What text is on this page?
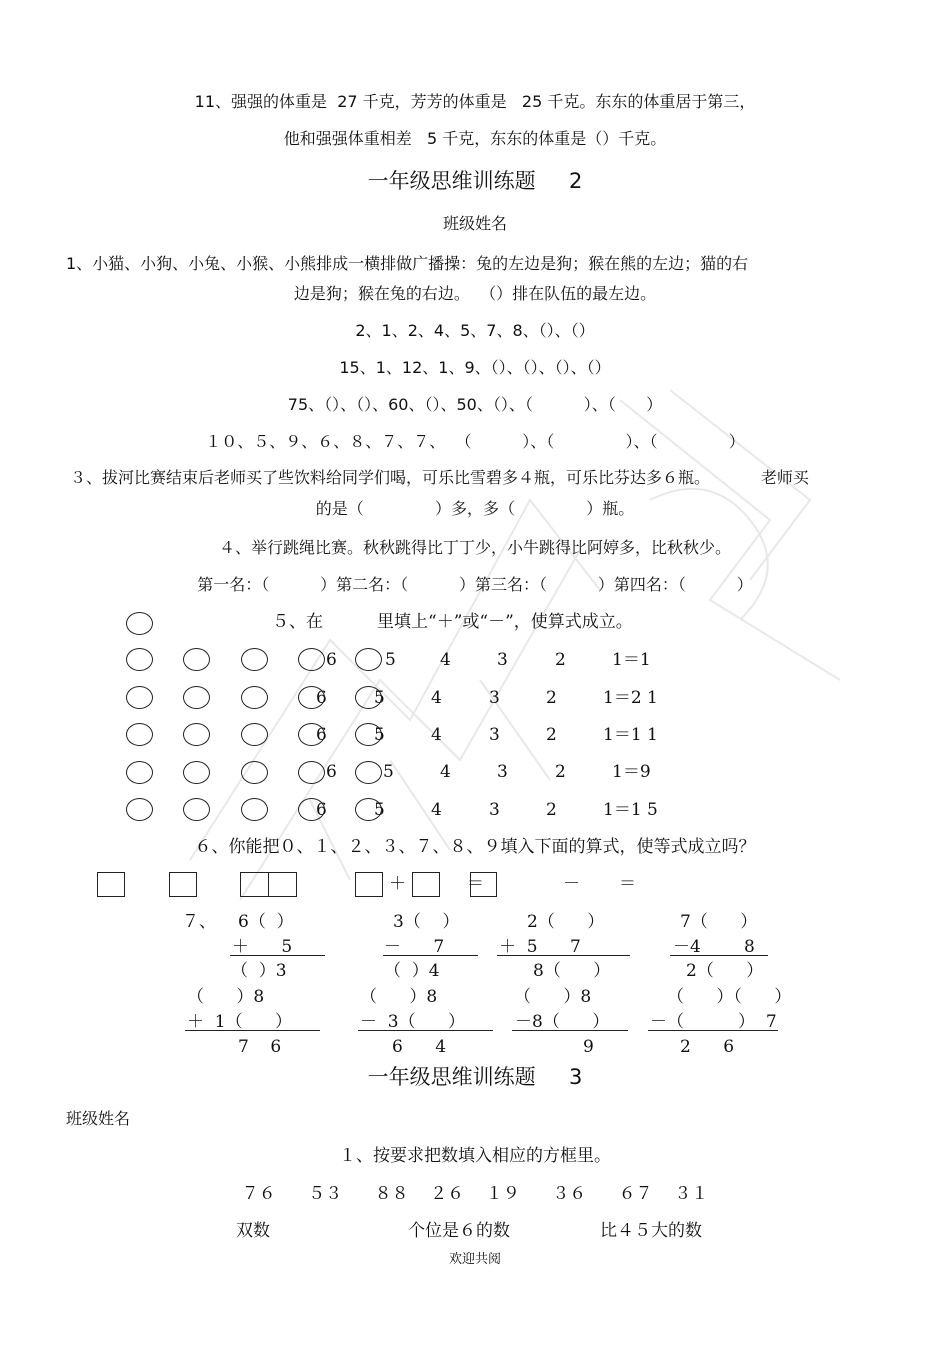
11、强强的体重是  27 千克，芳芳的体重是   25 千克。东东的体重居于第三，
他和强强体重相差   5 千克，东东的体重是（）千克。
一年级思维训练题     2
班级姓名
1、小猫、小狗、小兔、小猴、小熊排成一横排做广播操：兔的左边是狗；猴在熊的左边；猫的右
边是狗；猴在兔的右边。  （）排在队伍的最左边。
2、1、2、4、5、7、8、（）、（）
15、1、12、1、9、（）、（）、（）、（）
75、（）、（）、60、（）、50、（）、（          ）、（      ）
１０、５、９、６、８、７、７、  （          ）、（              ）、（              ）
３、拔河比赛结束后老师买了些饮料给同学们喝，可乐比雪碧多４瓶，可乐比芬达多６瓶。          老师买
的是（              ）多，多（              ）瓶。
４、举行跳绳比赛。秋秋跳得比丁丁少，小牛跳得比阿婷多，比秋秋少。
第一名：（          ）第二名：（          ）第三名：（          ）第四名：（          ）
５、在          里填上“＋”或“－”，使算式成立。
6	5	4	3	2	1＝1
6	5	4	3	2	1＝2 1
6	5	4	3	2	1＝1 1
6	5	4	3	2	1＝9
6	5	4	3	2	1＝1 5
６、你能把０、１、２、３、７、８、９填入下面的算式，使等式成立吗？
＋	＝	－ ＝
７、 6（  ）
＋      5
（  ）3
3（    ）
－      7
（  ）4
2（      ）
＋  5      7
8（      ）
7（      ）
－4        8
2（      ）
（      ）8
＋  1（      ）
7    6
（      ）8
－  3（      ）
6      4
（      ）8
－8（      ）
9
（      ）（      ）
－（          ）  7
2      6
一年级思维训练题     3
班级姓名
１、按要求把数填入相应的方框里。
７６      ５３      ８８    ２６    １９      ３６      ６７    ３１
双数	个位是６的数	比４５大的数
欢迎共阅
